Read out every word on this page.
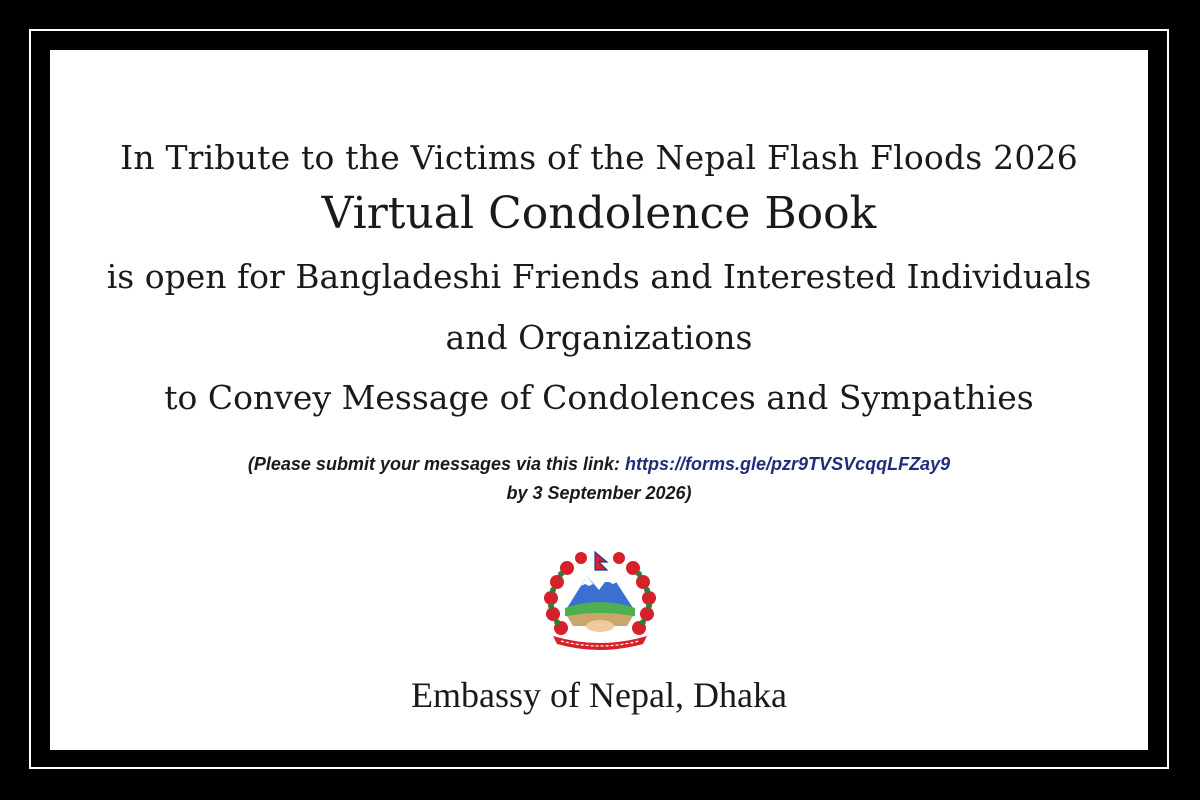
In Tribute to the Victims of the Nepal Flash Floods 2026
Virtual Condolence Book
is open for Bangladeshi Friends and Interested Individuals
and Organizations
to Convey Message of Condolences and Sympathies
(Please submit your messages via this link: https://forms.gle/pzr9TVSVcqqLFZay9
by 3 September 2026)
Embassy of Nepal, Dhaka
